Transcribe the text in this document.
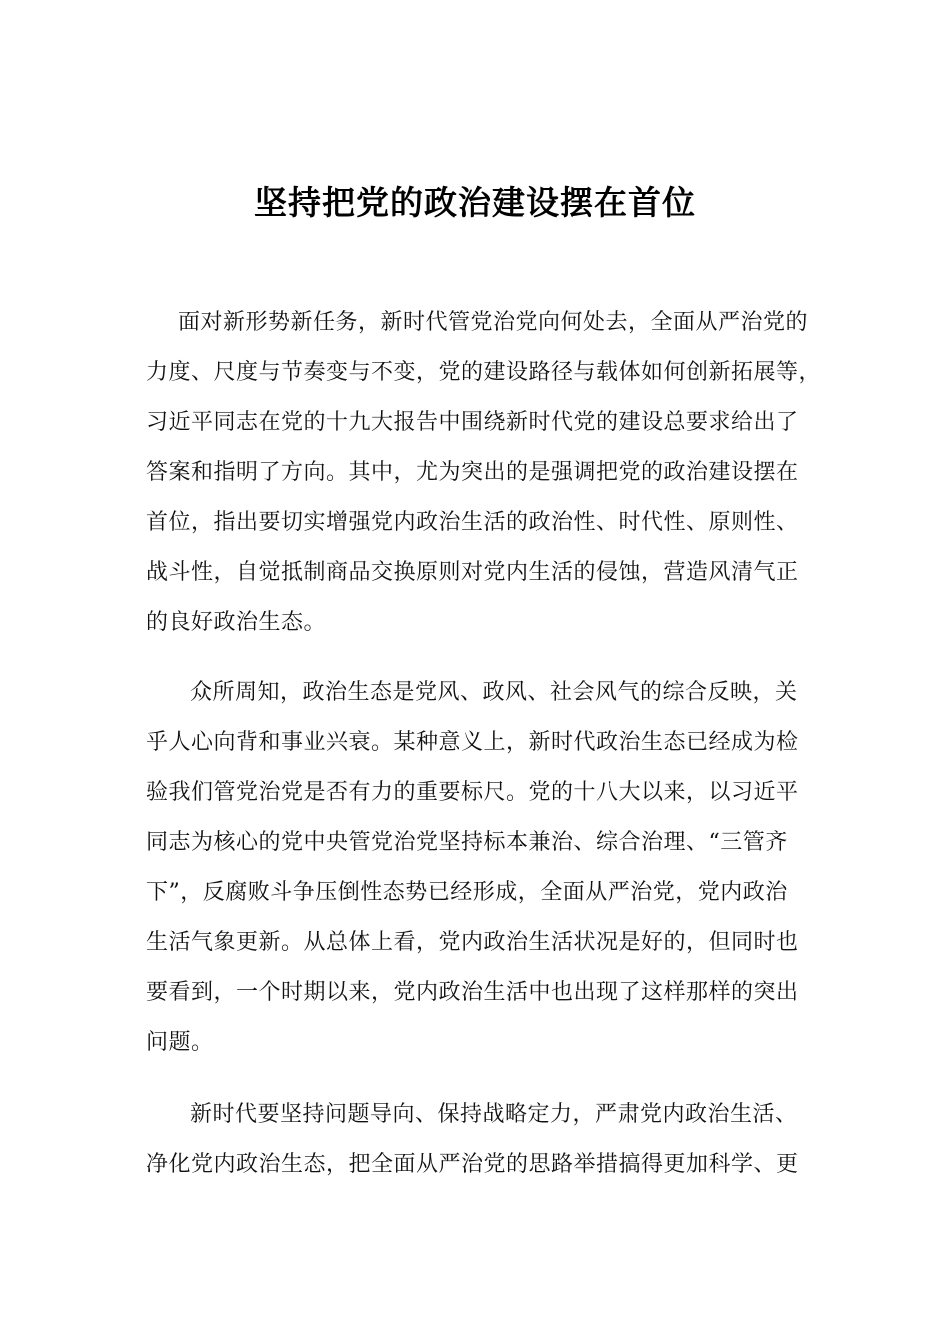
坚持把党的政治建设摆在首位
面对新形势新任务，新时代管党治党向何处去，全面从严治党的
力度、尺度与节奏变与不变，党的建设路径与载体如何创新拓展等，
习近平同志在党的十九大报告中围绕新时代党的建设总要求给出了
答案和指明了方向。其中，尤为突出的是强调把党的政治建设摆在
首位，指出要切实增强党内政治生活的政治性、时代性、原则性、
战斗性，自觉抵制商品交换原则对党内生活的侵蚀，营造风清气正
的良好政治生态。
众所周知，政治生态是党风、政风、社会风气的综合反映，关
乎人心向背和事业兴衰。某种意义上，新时代政治生态已经成为检
验我们管党治党是否有力的重要标尺。党的十八大以来，以习近平
同志为核心的党中央管党治党坚持标本兼治、综合治理、“三管齐
下”，反腐败斗争压倒性态势已经形成，全面从严治党，党内政治
生活气象更新。从总体上看，党内政治生活状况是好的，但同时也
要看到，一个时期以来，党内政治生活中也出现了这样那样的突出
问题。
新时代要坚持问题导向、保持战略定力，严肃党内政治生活、
净化党内政治生态，把全面从严治党的思路举措搞得更加科学、更
